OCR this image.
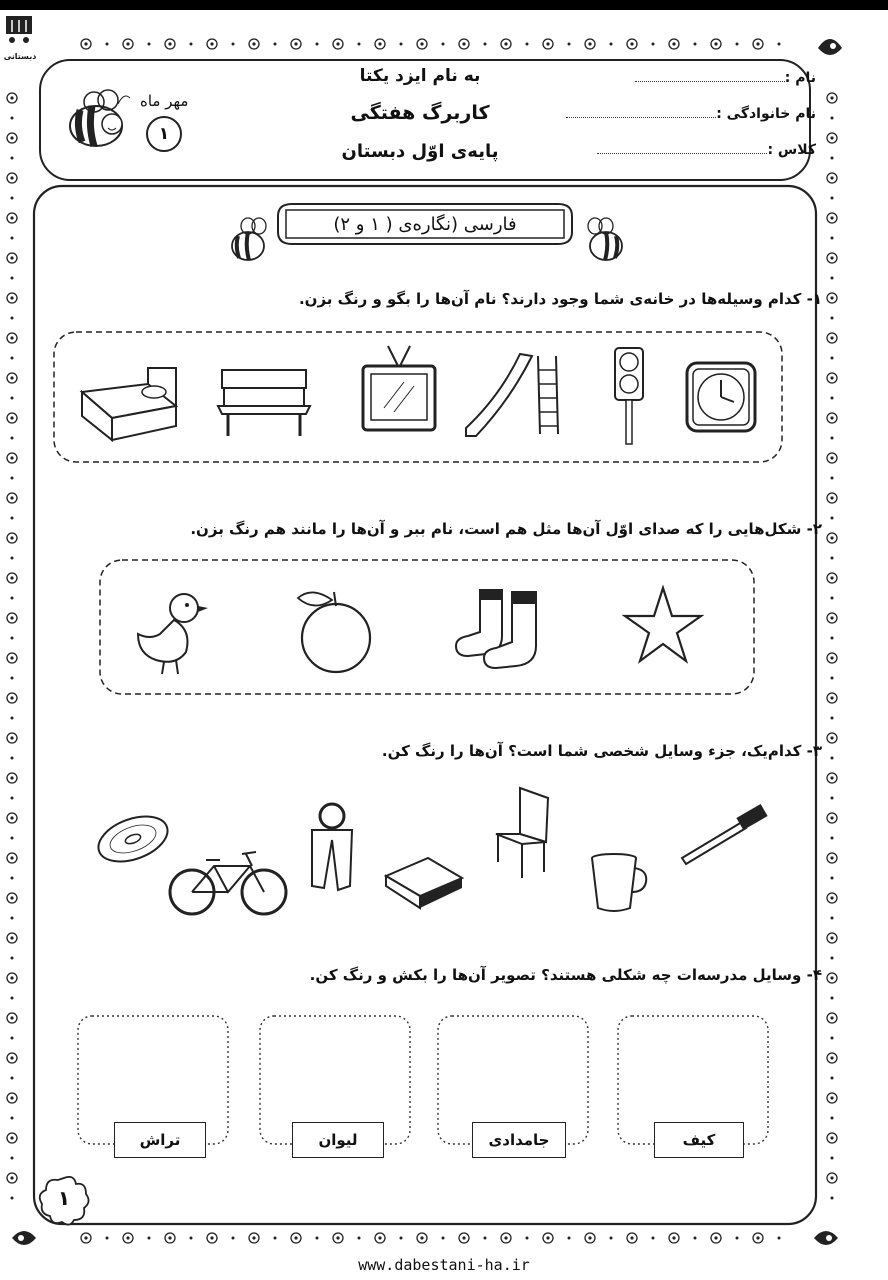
دبستانی
نام :
نام خانوادگی :
کلاس :
به نام ایزد یکتا
کاربرگ هفتگی
پایه‌ی اوّل دبستان
مهر ماه
۱
فارسی (نگاره‌ی ( ۱ و ۲)
۱- کدام وسیله‌ها در خانه‌ی شما وجود دارند؟ نام آن‌ها را بگو و رنگ بزن.
۲- شکل‌هایی را که صدای اوّل آن‌ها مثل هم است، نام ببر و آن‌ها را مانند هم رنگ بزن.
۳- کدام‌یک، جزء وسایل شخصی شما است؟ آن‌ها را رنگ کن.
۴- وسایل مدرسه‌ات چه شکلی هستند؟ تصویر آن‌ها را بکش و رنگ کن.
کیف
جامدادی
لیوان
تراش
۱
www.dabestani-ha.ir
